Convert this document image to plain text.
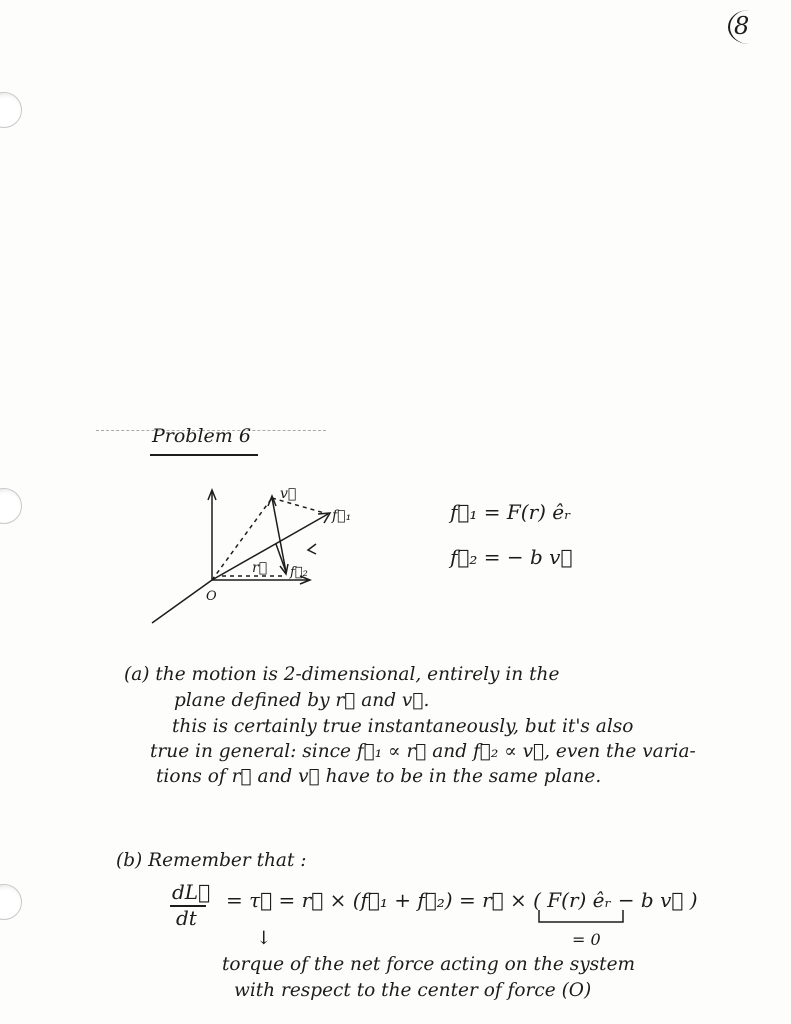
8
Problem 6
v⃗
f⃗₁
r⃗ f⃗₂
O
f⃗₁ = F(r) êᵣ
f⃗₂ = − b v⃗
(a) the motion is 2-dimensional, entirely in the
plane defined by r⃗ and v⃗.
this is certainly true instantaneously, but it's also
true in general: since f⃗₁ ∝ r⃗ and f⃗₂ ∝ v⃗, even the varia-
tions of r⃗ and v⃗ have to be in the same plane.
(b) Remember that :
dL⃗
dt
= τ⃗ = r⃗ × (f⃗₁ + f⃗₂) = r⃗ × ( F(r) êᵣ − b v⃗ )
= 0
↓
torque of the net force acting on the system
with respect to the center of force (O)
